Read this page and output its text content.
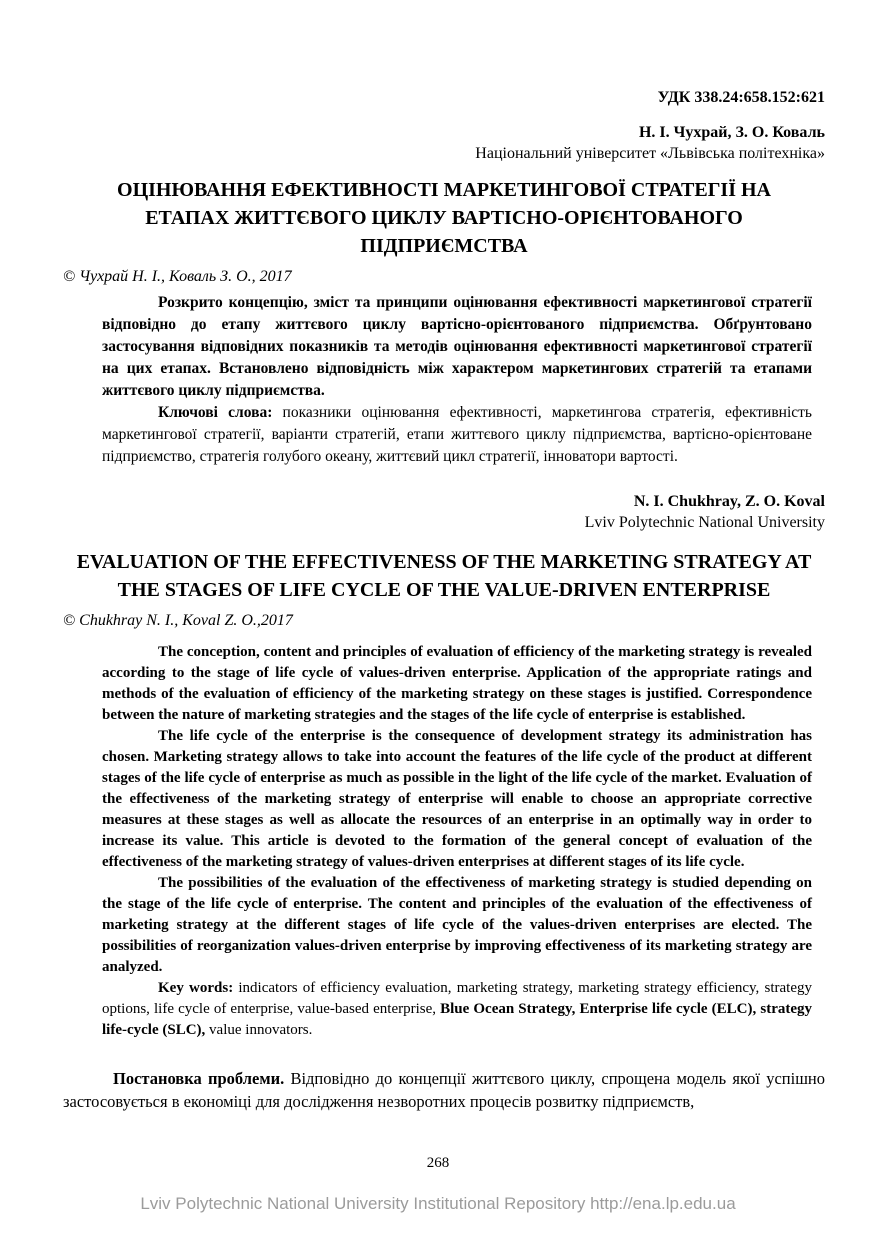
УДК 338.24:658.152:621
Н. І. Чухрай, З. О. Коваль
Національний університет «Львівська політехніка»
ОЦІНЮВАННЯ ЕФЕКТИВНОСТІ МАРКЕТИНГОВОЇ СТРАТЕГІЇ НА ЕТАПАХ ЖИТТЄВОГО ЦИКЛУ ВАРТІСНО-ОРІЄНТОВАНОГО ПІДПРИЄМСТВА
© Чухрай Н. І., Коваль З. О., 2017

Розкрито концепцію, зміст та принципи оцінювання ефективності маркетингової стратегії відповідно до етапу життєвого циклу вартісно-орієнтованого підприємства. Обґрунтовано застосування відповідних показників та методів оцінювання ефективності маркетингової стратегії на цих етапах. Встановлено відповідність між характером маркетингових стратегій та етапами життєвого циклу підприємства.

Ключові слова: показники оцінювання ефективності, маркетингова стратегія, ефективність маркетингової стратегії, варіанти стратегій, етапи життєвого циклу підприємства, вартісно-орієнтоване підприємство, стратегія голубого океану, життєвий цикл стратегії, інноватори вартості.

N. I. Chukhray, Z. O. Koval
Lviv Polytechnic National University
EVALUATION OF THE EFFECTIVENESS OF THE MARKETING STRATEGY AT THE STAGES OF LIFE CYCLE OF THE VALUE-DRIVEN ENTERPRISE
© Chukhray N. I., Koval Z. O.,2017

The conception, content and principles of evaluation of efficiency of the marketing strategy is revealed according to the stage of life cycle of values-driven enterprise. Application of the appropriate ratings and methods of the evaluation of efficiency of the marketing strategy on these stages is justified. Correspondence between the nature of marketing strategies and the stages of the life cycle of enterprise is established.

The life cycle of the enterprise is the consequence of development strategy its administration has chosen. Marketing strategy allows to take into account the features of the life cycle of the product at different stages of the life cycle of enterprise as much as possible in the light of the life cycle of the market. Evaluation of the effectiveness of the marketing strategy of enterprise will enable to choose an appropriate corrective measures at these stages as well as allocate the resources of an enterprise in an optimally way in order to increase its value. This article is devoted to the formation of the general concept of evaluation of the effectiveness of the marketing strategy of values-driven enterprises at different stages of its life cycle.

The possibilities of the evaluation of the effectiveness of marketing strategy is studied depending on the stage of the life cycle of enterprise. The content and principles of the evaluation of the effectiveness of marketing strategy at the different stages of life cycle of the values-driven enterprises are elected. The possibilities of reorganization values-driven enterprise by improving effectiveness of its marketing strategy are analyzed.

Key words: indicators of efficiency evaluation, marketing strategy, marketing strategy efficiency, strategy options, life cycle of enterprise, value-based enterprise, Blue Ocean Strategy, Enterprise life cycle (ELC), strategy life-cycle (SLC), value innovators.

Постановка проблеми. Відповідно до концепції життєвого циклу, спрощена модель якої успішно застосовується в економіці для дослідження незворотних процесів розвитку підприємств,

268
Lviv Polytechnic National University Institutional Repository http://ena.lp.edu.ua
